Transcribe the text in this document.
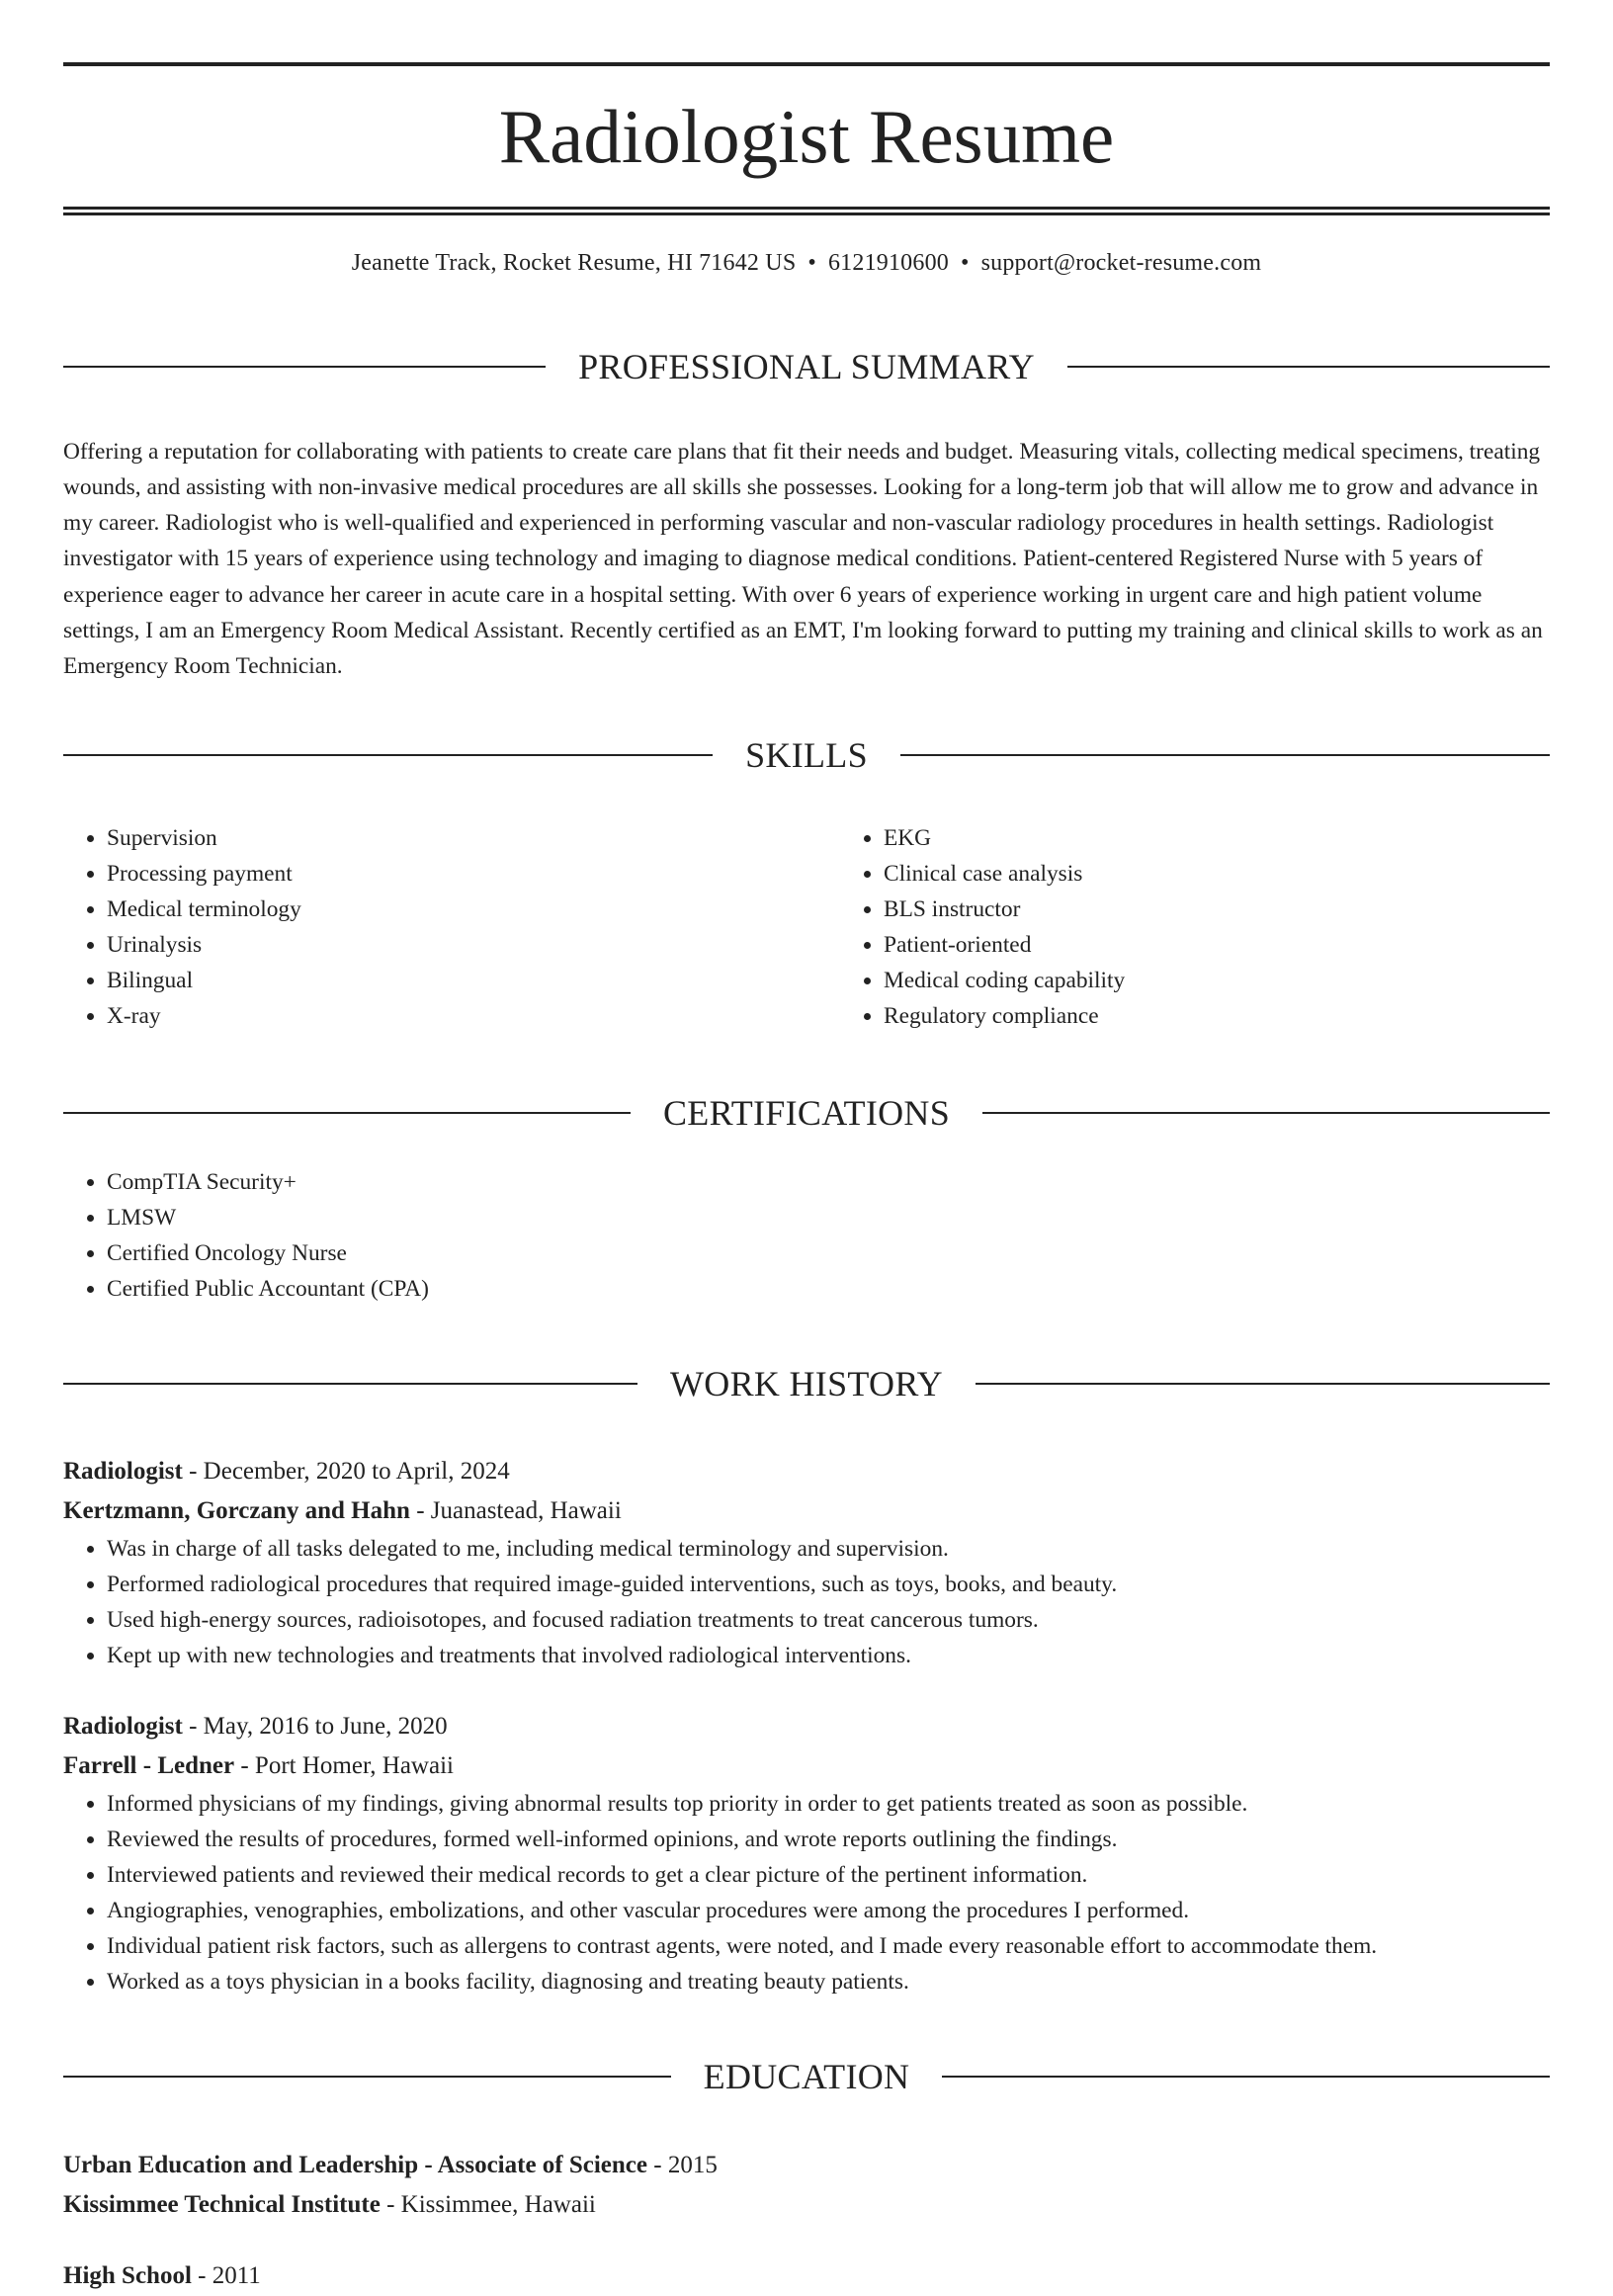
Radiologist Resume
Jeanette Track, Rocket Resume, HI 71642 US • 6121910600 • support@rocket-resume.com
PROFESSIONAL SUMMARY

Offering a reputation for collaborating with patients to create care plans that fit their needs and budget. Measuring vitals, collecting medical specimens, treating wounds, and assisting with non-invasive medical procedures are all skills she possesses. Looking for a long-term job that will allow me to grow and advance in my career. Radiologist who is well-qualified and experienced in performing vascular and non-vascular radiology procedures in health settings. Radiologist investigator with 15 years of experience using technology and imaging to diagnose medical conditions. Patient-centered Registered Nurse with 5 years of experience eager to advance her career in acute care in a hospital setting. With over 6 years of experience working in urgent care and high patient volume settings, I am an Emergency Room Medical Assistant. Recently certified as an EMT, I'm looking forward to putting my training and clinical skills to work as an Emergency Room Technician.

SKILLS
• Supervision
• Processing payment
• Medical terminology
• Urinalysis
• Bilingual
• X-ray
• EKG
• Clinical case analysis
• BLS instructor
• Patient-oriented
• Medical coding capability
• Regulatory compliance
CERTIFICATIONS
• CompTIA Security+
• LMSW
• Certified Oncology Nurse
• Certified Public Accountant (CPA)
WORK HISTORY
Radiologist - December, 2020 to April, 2024
Kertzmann, Gorczany and Hahn - Juanastead, Hawaii
• Was in charge of all tasks delegated to me, including medical terminology and supervision.
• Performed radiological procedures that required image-guided interventions, such as toys, books, and beauty.
• Used high-energy sources, radioisotopes, and focused radiation treatments to treat cancerous tumors.
• Kept up with new technologies and treatments that involved radiological interventions.
Radiologist - May, 2016 to June, 2020
Farrell - Ledner - Port Homer, Hawaii
• Informed physicians of my findings, giving abnormal results top priority in order to get patients treated as soon as possible.
• Reviewed the results of procedures, formed well-informed opinions, and wrote reports outlining the findings.
• Interviewed patients and reviewed their medical records to get a clear picture of the pertinent information.
• Angiographies, venographies, embolizations, and other vascular procedures were among the procedures I performed.
• Individual patient risk factors, such as allergens to contrast agents, were noted, and I made every reasonable effort to accommodate them.
• Worked as a toys physician in a books facility, diagnosing and treating beauty patients.
EDUCATION
Urban Education and Leadership - Associate of Science - 2015
Kissimmee Technical Institute - Kissimmee, Hawaii
High School - 2011
